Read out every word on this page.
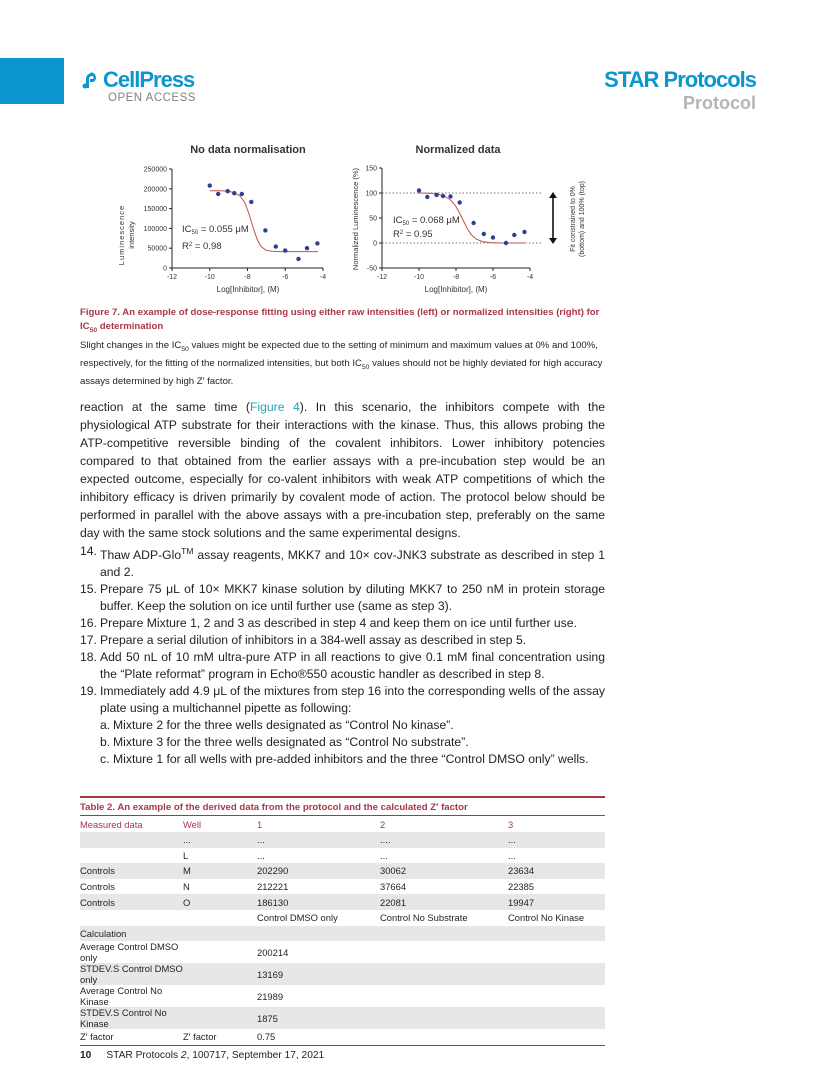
CellPress
OPEN ACCESS
STAR Protocols
Protocol
No data normalisation
Luminescence intensity
0
50000
100000
150000
200000
250000
-12	-10	-8	-6	-4
Log[Inhibitor], (M)
$IC_{50} = 0.055$ μM
$R^2 = 0.98$
Normalized data
Normalized Luminescence (%) -50
0
50
100
150
-12	-10	-8	-6	-4
Log[Inhibitor], (M)
$IC_{50} = 0.068$ μM
$R^2 = 0.95$	Fit constrained to 0% (bottom) and 100% (top)
Figure 7. An example of dose-response fitting using either raw intensities (left) or normalized intensities (right) for $IC_{50}$ determination
Slight changes in the $IC_{50}$ values might be expected due to the setting of minimum and maximum values at 0% and 100%, respectively, for the fitting of the normalized intensities, but both $IC_{50}$ values should not be highly deviated for high accuracy assays determined by high Z′ factor.
reaction at the same time (Figure 4). In this scenario, the inhibitors compete with the physiological ATP substrate for their interactions with the kinase. Thus, this allows probing the ATP-competitive reversible binding of the covalent inhibitors. Lower inhibitory potencies compared to that obtained from the earlier assays with a pre-incubation step would be an expected outcome, especially for co-valent inhibitors with weak ATP competitions of which the inhibitory efficacy is driven primarily by covalent mode of action. The protocol below should be performed in parallel with the above assays with a pre-incubation step, preferably on the same day with the same stock solutions and the same experimental designs.
14. Thaw ADP-Glo™ assay reagents, MKK7 and 10× cov-JNK3 substrate as described in step 1 and 2.
15. Prepare 75 μL of 10× MKK7 kinase solution by diluting MKK7 to 250 nM in protein storage buffer. Keep the solution on ice until further use (same as step 3).
16. Prepare Mixture 1, 2 and 3 as described in step 4 and keep them on ice until further use.
17. Prepare a serial dilution of inhibitors in a 384-well assay as described in step 5.
18. Add 50 nL of 10 mM ultra-pure ATP in all reactions to give 0.1 mM final concentration using the “Plate reformat” program in Echo®550 acoustic handler as described in step 8.
19. Immediately add 4.9 μL of the mixtures from step 16 into the corresponding wells of the assay plate using a multichannel pipette as following:
a. Mixture 2 for the three wells designated as “Control No kinase”.
b. Mixture 3 for the three wells designated as “Control No substrate”.
c. Mixture 1 for all wells with pre-added inhibitors and the three “Control DMSO only” wells.
Table 2. An example of the derived data from the protocol and the calculated Z′ factor
Measured data	Well	1	2	3
	...	...	....	...
	L	...	...	...
Controls	M	202290	30062	23634
Controls	N	212221	37664	22385
Controls	O	186130	22081	19947
		Control DMSO only	Control No Substrate	Control No Kinase
Calculation				
Average Control DMSO only		200214		
STDEV.S Control DMSO only		13169		
Average Control No Kinase		21989		
STDEV.S Control No Kinase		1875		
Z′ factor	Z′ factor	0.75		
10 STAR Protocols 2, 100717, September 17, 2021
